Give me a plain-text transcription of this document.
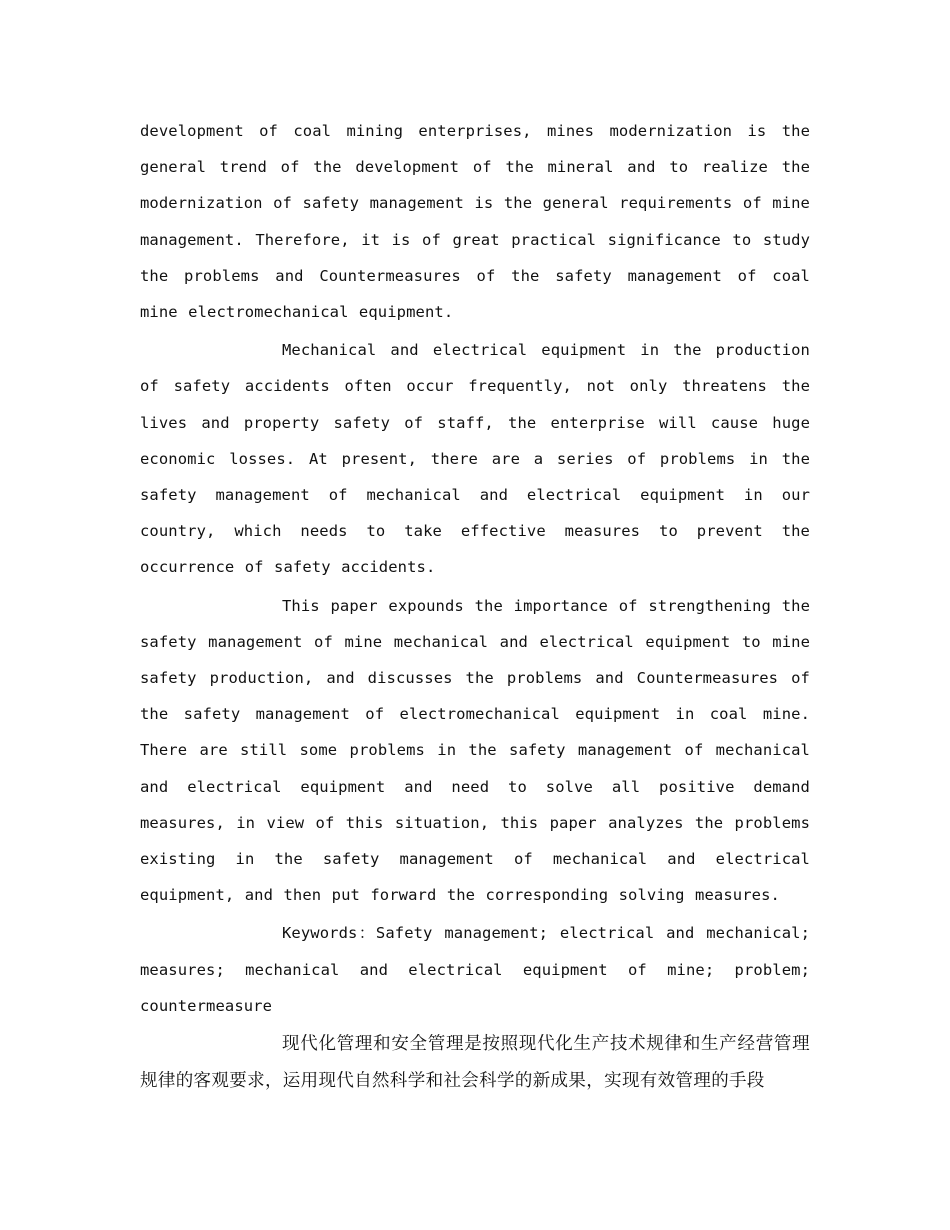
development of coal mining enterprises, mines modernization is the general trend of the development of the mineral and to realize the modernization of safety management is the general requirements of mine management. Therefore, it is of great practical significance to study the problems and Countermeasures of the safety management of coal mine electromechanical equipment.

Mechanical and electrical equipment in the production of safety accidents often occur frequently, not only threatens the lives and property safety of staff, the enterprise will cause huge economic losses. At present, there are a series of problems in the safety management of mechanical and electrical equipment in our country, which needs to take effective measures to prevent the occurrence of safety accidents.

This paper expounds the importance of strengthening the safety management of mine mechanical and electrical equipment to mine safety production, and discusses the problems and Countermeasures of the safety management of electromechanical equipment in coal mine. There are still some problems in the safety management of mechanical and electrical equipment and need to solve all positive demand measures, in view of this situation, this paper analyzes the problems existing in the safety management of mechanical and electrical equipment, and then put forward the corresponding solving measures.

Keywords：Safety management; electrical and mechanical; measures; mechanical and electrical equipment of mine; problem; countermeasure

现代化管理和安全管理是按照现代化生产技术规律和生产经营管理规律的客观要求，运用现代自然科学和社会科学的新成果，实现有效管理的手段
